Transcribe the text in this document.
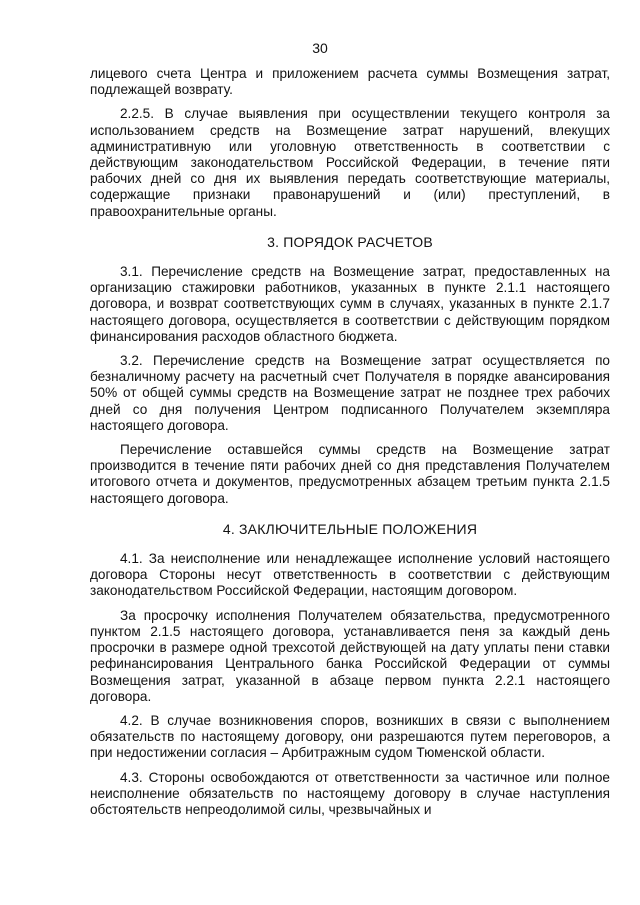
30

лицевого счета Центра и приложением расчета суммы Возмещения затрат, подлежащей возврату.

2.2.5. В случае выявления при осуществлении текущего контроля за использованием средств на Возмещение затрат нарушений, влекущих административную или уголовную ответственность в соответствии с действующим законодательством Российской Федерации, в течение пяти рабочих дней со дня их выявления передать соответствующие материалы, содержащие признаки правонарушений и (или) преступлений, в правоохранительные органы.

3. ПОРЯДОК РАСЧЕТОВ

3.1. Перечисление средств на Возмещение затрат, предоставленных на организацию стажировки работников, указанных в пункте 2.1.1 настоящего договора, и возврат соответствующих сумм в случаях, указанных в пункте 2.1.7 настоящего договора, осуществляется в соответствии с действующим порядком финансирования расходов областного бюджета.

3.2. Перечисление средств на Возмещение затрат осуществляется по безналичному расчету на расчетный счет Получателя в порядке авансирования 50% от общей суммы средств на Возмещение затрат не позднее трех рабочих дней со дня получения Центром подписанного Получателем экземпляра настоящего договора.

Перечисление оставшейся суммы средств на Возмещение затрат производится в течение пяти рабочих дней со дня представления Получателем итогового отчета и документов, предусмотренных абзацем третьим пункта 2.1.5 настоящего договора.

4. ЗАКЛЮЧИТЕЛЬНЫЕ ПОЛОЖЕНИЯ

4.1. За неисполнение или ненадлежащее исполнение условий настоящего договора Стороны несут ответственность в соответствии с действующим законодательством Российской Федерации, настоящим договором.

За просрочку исполнения Получателем обязательства, предусмотренного пунктом 2.1.5 настоящего договора, устанавливается пеня за каждый день просрочки в размере одной трехсотой действующей на дату уплаты пени ставки рефинансирования Центрального банка Российской Федерации от суммы Возмещения затрат, указанной в абзаце первом пункта 2.2.1 настоящего договора.

4.2. В случае возникновения споров, возникших в связи с выполнением обязательств по настоящему договору, они разрешаются путем переговоров, а при недостижении согласия – Арбитражным судом Тюменской области.

4.3. Стороны освобождаются от ответственности за частичное или полное неисполнение обязательств по настоящему договору в случае наступления обстоятельств непреодолимой силы, чрезвычайных и
